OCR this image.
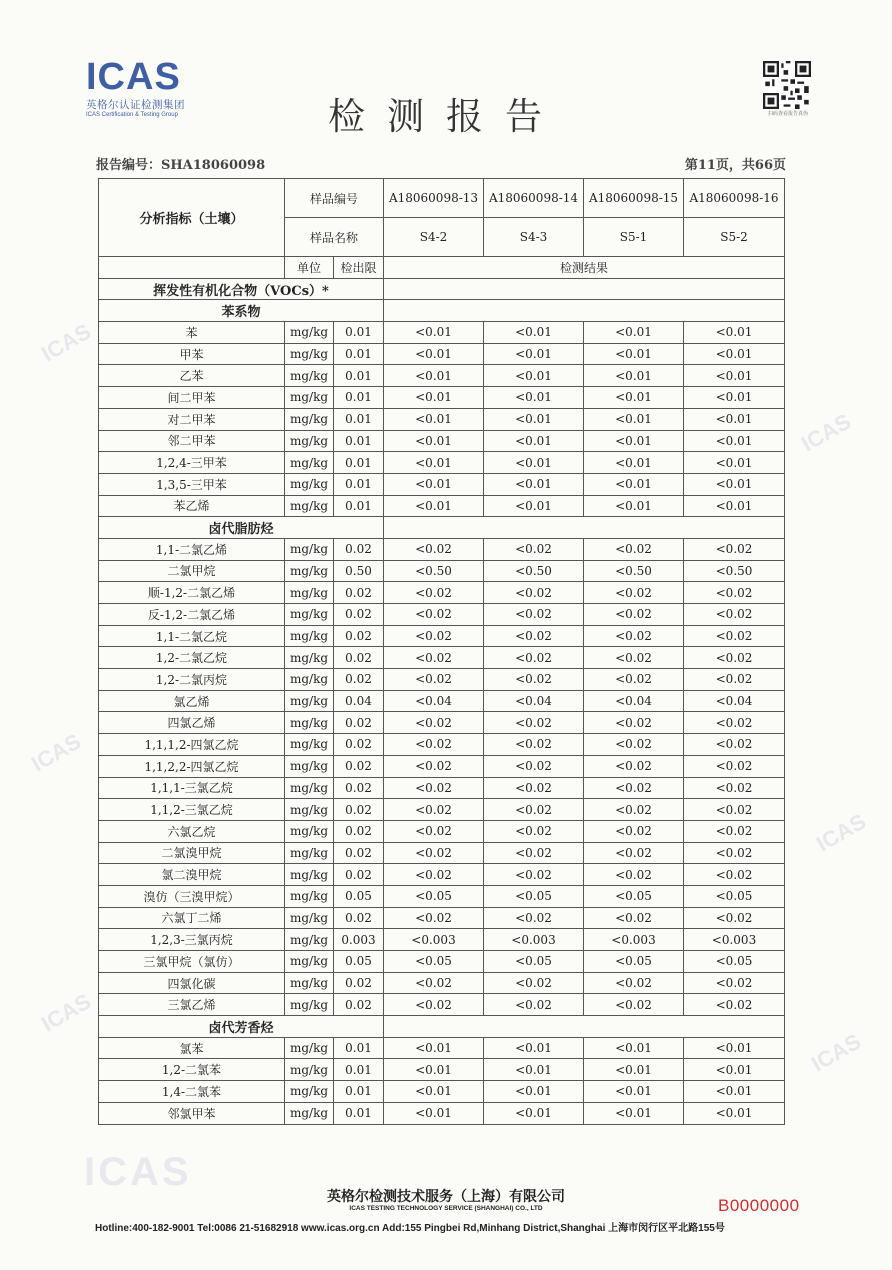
ICAS
ICAS
ICAS
ICAS
ICAS
ICAS
ICAS
ICAS
英格尔认证检测集团
ICAS Certification & Testing Group	检测报告	扫码查看报告真伪
报告编号：SHA18060098	第11页，共66页
分析指标（土壤）	样品编号		A18060098-13	A18060098-14	A18060098-15	A18060098-16
	样品名称		S4-2	S4-3	S5-1	S5-2
	单位	检出限	检测结果			
挥发性有机化合物（VOCs）*						
苯系物						
苯	mg/kg	0.01	<0.01	<0.01	<0.01	<0.01
甲苯	mg/kg	0.01	<0.01	<0.01	<0.01	<0.01
乙苯	mg/kg	0.01	<0.01	<0.01	<0.01	<0.01
间二甲苯	mg/kg	0.01	<0.01	<0.01	<0.01	<0.01
对二甲苯	mg/kg	0.01	<0.01	<0.01	<0.01	<0.01
邻二甲苯	mg/kg	0.01	<0.01	<0.01	<0.01	<0.01
1,2,4-三甲苯	mg/kg	0.01	<0.01	<0.01	<0.01	<0.01
1,3,5-三甲苯	mg/kg	0.01	<0.01	<0.01	<0.01	<0.01
苯乙烯	mg/kg	0.01	<0.01	<0.01	<0.01	<0.01
卤代脂肪烃						
1,1-二氯乙烯	mg/kg	0.02	<0.02	<0.02	<0.02	<0.02
二氯甲烷	mg/kg	0.50	<0.50	<0.50	<0.50	<0.50
顺-1,2-二氯乙烯	mg/kg	0.02	<0.02	<0.02	<0.02	<0.02
反-1,2-二氯乙烯	mg/kg	0.02	<0.02	<0.02	<0.02	<0.02
1,1-二氯乙烷	mg/kg	0.02	<0.02	<0.02	<0.02	<0.02
1,2-二氯乙烷	mg/kg	0.02	<0.02	<0.02	<0.02	<0.02
1,2-二氯丙烷	mg/kg	0.02	<0.02	<0.02	<0.02	<0.02
氯乙烯	mg/kg	0.04	<0.04	<0.04	<0.04	<0.04
四氯乙烯	mg/kg	0.02	<0.02	<0.02	<0.02	<0.02
1,1,1,2-四氯乙烷	mg/kg	0.02	<0.02	<0.02	<0.02	<0.02
1,1,2,2-四氯乙烷	mg/kg	0.02	<0.02	<0.02	<0.02	<0.02
1,1,1-三氯乙烷	mg/kg	0.02	<0.02	<0.02	<0.02	<0.02
1,1,2-三氯乙烷	mg/kg	0.02	<0.02	<0.02	<0.02	<0.02
六氯乙烷	mg/kg	0.02	<0.02	<0.02	<0.02	<0.02
二氯溴甲烷	mg/kg	0.02	<0.02	<0.02	<0.02	<0.02
氯二溴甲烷	mg/kg	0.02	<0.02	<0.02	<0.02	<0.02
溴仿（三溴甲烷）	mg/kg	0.05	<0.05	<0.05	<0.05	<0.05
六氯丁二烯	mg/kg	0.02	<0.02	<0.02	<0.02	<0.02
1,2,3-三氯丙烷	mg/kg	0.003	<0.003	<0.003	<0.003	<0.003
三氯甲烷（氯仿）	mg/kg	0.05	<0.05	<0.05	<0.05	<0.05
四氯化碳	mg/kg	0.02	<0.02	<0.02	<0.02	<0.02
三氯乙烯	mg/kg	0.02	<0.02	<0.02	<0.02	<0.02
卤代芳香烃						
氯苯	mg/kg	0.01	<0.01	<0.01	<0.01	<0.01
1,2-二氯苯	mg/kg	0.01	<0.01	<0.01	<0.01	<0.01
1,4-二氯苯	mg/kg	0.01	<0.01	<0.01	<0.01	<0.01
邻氯甲苯	mg/kg	0.01	<0.01	<0.01	<0.01	<0.01
英格尔检测技术服务（上海）有限公司
ICAS TESTING TECHNOLOGY SERVICE (SHANGHAI) CO., LTD
Hotline:400-182-9001 Tel:0086 21-51682918 www.icas.org.cn Add:155 Pingbei Rd,Minhang District,Shanghai 上海市闵行区平北路155号
B0000000
